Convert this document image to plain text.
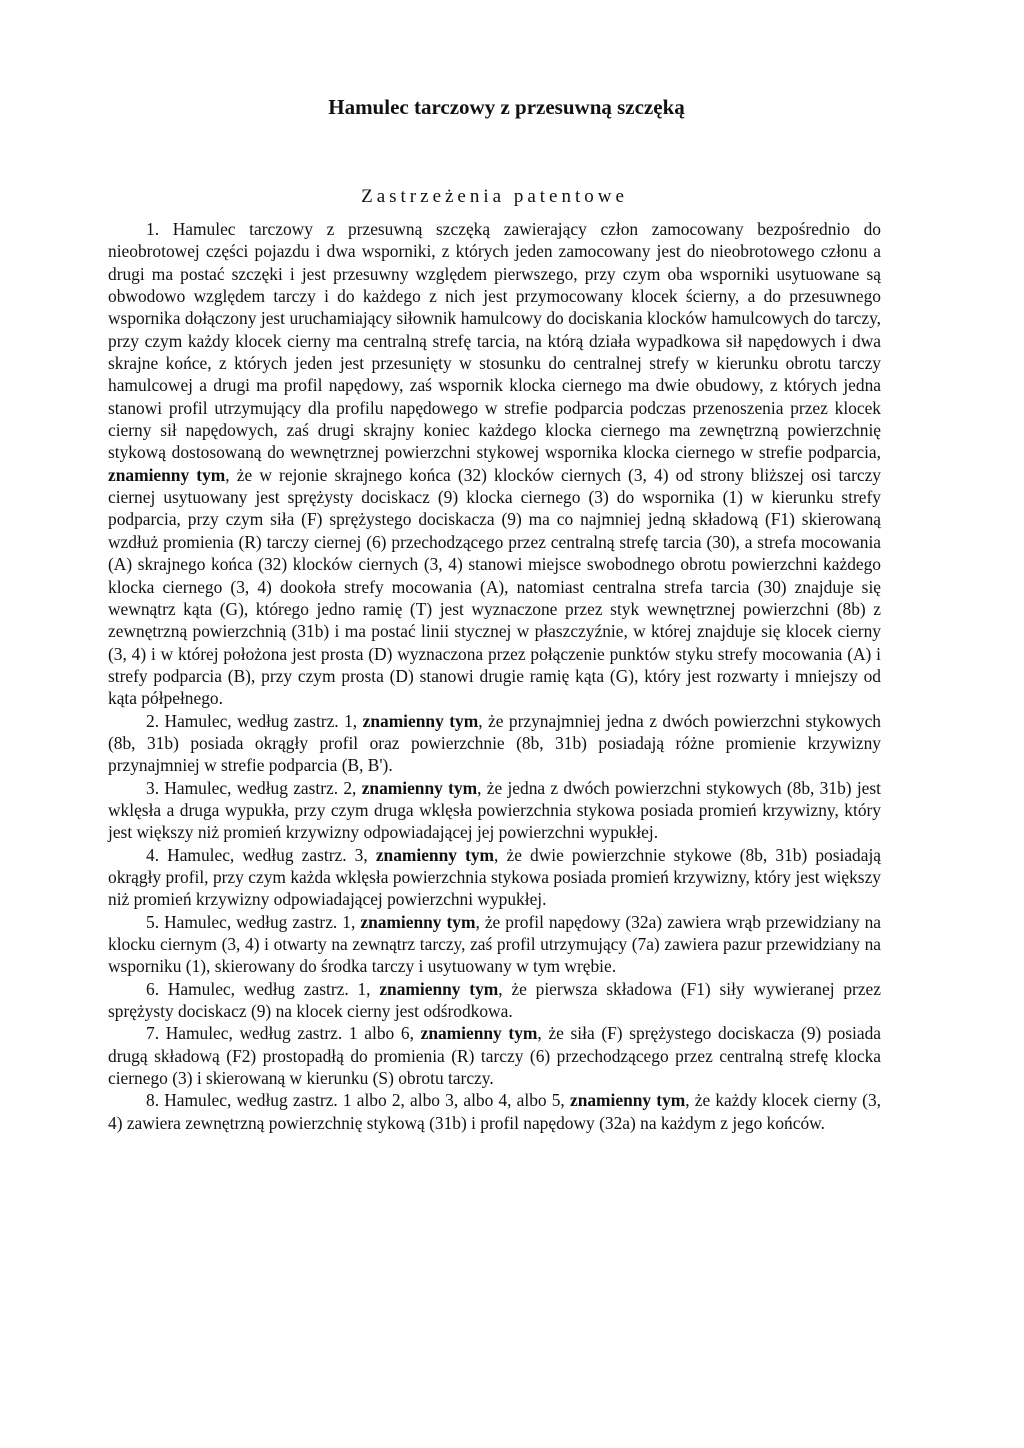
Hamulec tarczowy z przesuwną szczęką
Zastrzeżenia patentowe

1. Hamulec tarczowy z przesuwną szczęką zawierający człon zamocowany bezpośrednio do nieobrotowej części pojazdu i dwa wsporniki, z których jeden zamocowany jest do nieobrotowego członu a drugi ma postać szczęki i jest przesuwny względem pierwszego, przy czym oba wsporniki usytuowane są obwodowo względem tarczy i do każdego z nich jest przymocowany klocek ścierny, a do przesuwnego wspornika dołączony jest uruchamiający siłownik hamulcowy do dociskania klocków hamulcowych do tarczy, przy czym każdy klocek cierny ma centralną strefę tarcia, na którą działa wypadkowa sił napędowych i dwa skrajne końce, z których jeden jest przesunięty w stosunku do centralnej strefy w kierunku obrotu tarczy hamulcowej a drugi ma profil napędowy, zaś wspornik klocka ciernego ma dwie obudowy, z których jedna stanowi profil utrzymujący dla profilu napędowego w strefie podparcia podczas przenoszenia przez klocek cierny sił napędowych, zaś drugi skrajny koniec każdego klocka ciernego ma zewnętrzną powierzchnię stykową dostosowaną do wewnętrznej powierzchni stykowej wspornika klocka ciernego w strefie podparcia, znamienny tym, że w rejonie skrajnego końca (32) klocków ciernych (3, 4) od strony bliższej osi tarczy ciernej usytuowany jest sprężysty dociskacz (9) klocka ciernego (3) do wspornika (1) w kierunku strefy podparcia, przy czym siła (F) sprężystego dociskacza (9) ma co najmniej jedną składową (F1) skierowaną wzdłuż promienia (R) tarczy ciernej (6) przechodzącego przez centralną strefę tarcia (30), a strefa mocowania (A) skrajnego końca (32) klocków ciernych (3, 4) stanowi miejsce swobodnego obrotu powierzchni każdego klocka ciernego (3, 4) dookoła strefy mocowania (A), natomiast centralna strefa tarcia (30) znajduje się wewnątrz kąta (G), którego jedno ramię (T) jest wyznaczone przez styk wewnętrznej powierzchni (8b) z zewnętrzną powierzchnią (31b) i ma postać linii stycznej w płaszczyźnie, w której znajduje się klocek cierny (3, 4) i w której położona jest prosta (D) wyznaczona przez połączenie punktów styku strefy mocowania (A) i strefy podparcia (B), przy czym prosta (D) stanowi drugie ramię kąta (G), który jest rozwarty i mniejszy od kąta półpełnego.

2. Hamulec, według zastrz. 1, znamienny tym, że przynajmniej jedna z dwóch powierzchni stykowych (8b, 31b) posiada okrągły profil oraz powierzchnie (8b, 31b) posiadają różne promienie krzywizny przynajmniej w strefie podparcia (B, B').

3. Hamulec, według zastrz. 2, znamienny tym, że jedna z dwóch powierzchni stykowych (8b, 31b) jest wklęsła a druga wypukła, przy czym druga wklęsła powierzchnia stykowa posiada promień krzywizny, który jest większy niż promień krzywizny odpowiadającej jej powierzchni wypukłej.

4. Hamulec, według zastrz. 3, znamienny tym, że dwie powierzchnie stykowe (8b, 31b) posiadają okrągły profil, przy czym każda wklęsła powierzchnia stykowa posiada promień krzywizny, który jest większy niż promień krzywizny odpowiadającej powierzchni wypukłej.

5. Hamulec, według zastrz. 1, znamienny tym, że profil napędowy (32a) zawiera wrąb przewidziany na klocku ciernym (3, 4) i otwarty na zewnątrz tarczy, zaś profil utrzymujący (7a) zawiera pazur przewidziany na wsporniku (1), skierowany do środka tarczy i usytuowany w tym wrębie.

6. Hamulec, według zastrz. 1, znamienny tym, że pierwsza składowa (F1) siły wywieranej przez sprężysty dociskacz (9) na klocek cierny jest odśrodkowa.

7. Hamulec, według zastrz. 1 albo 6, znamienny tym, że siła (F) sprężystego dociskacza (9) posiada drugą składową (F2) prostopadłą do promienia (R) tarczy (6) przechodzącego przez centralną strefę klocka ciernego (3) i skierowaną w kierunku (S) obrotu tarczy.

8. Hamulec, według zastrz. 1 albo 2, albo 3, albo 4, albo 5, znamienny tym, że każdy klocek cierny (3, 4) zawiera zewnętrzną powierzchnię stykową (31b) i profil napędowy (32a) na każdym z jego końców.
